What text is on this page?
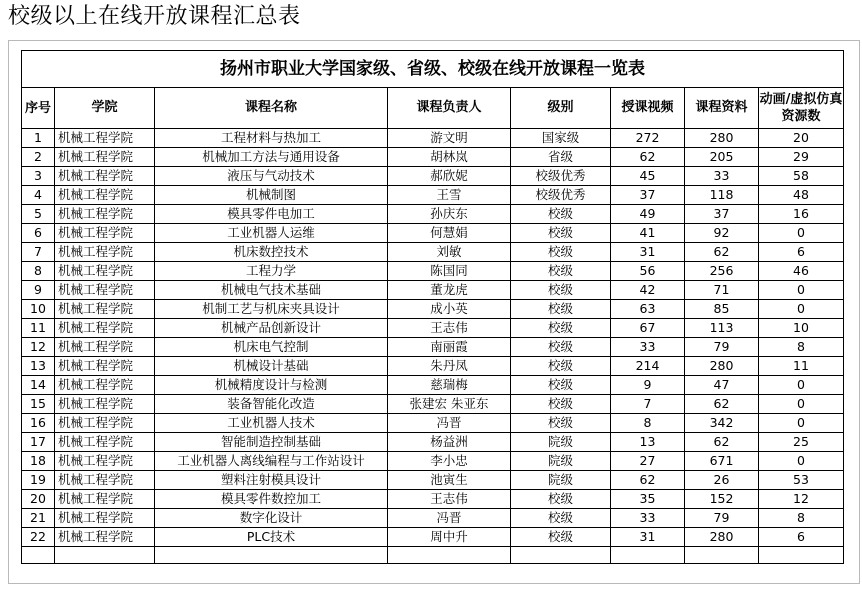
校级以上在线开放课程汇总表
扬州市职业大学国家级、省级、校级在线开放课程一览表							
序号	学院	课程名称	课程负责人	级别	授课视频	课程资料	动画/虚拟仿真资源数
1	机械工程学院	工程材料与热加工	游文明	国家级	272	280	20
2	机械工程学院	机械加工方法与通用设备	胡林岚	省级	62	205	29
3	机械工程学院	液压与气动技术	郝欣妮	校级优秀	45	33	58
4	机械工程学院	机械制图	王雪	校级优秀	37	118	48
5	机械工程学院	模具零件电加工	孙庆东	校级	49	37	16
6	机械工程学院	工业机器人运维	何慧娟	校级	41	92	0
7	机械工程学院	机床数控技术	刘敏	校级	31	62	6
8	机械工程学院	工程力学	陈国同	校级	56	256	46
9	机械工程学院	机械电气技术基础	董龙虎	校级	42	71	0
10	机械工程学院	机制工艺与机床夹具设计	成小英	校级	63	85	0
11	机械工程学院	机械产品创新设计	王志伟	校级	67	113	10
12	机械工程学院	机床电气控制	南丽霞	校级	33	79	8
13	机械工程学院	机械设计基础	朱丹凤	校级	214	280	11
14	机械工程学院	机械精度设计与检测	慈瑞梅	校级	9	47	0
15	机械工程学院	装备智能化改造	张建宏 朱亚东	校级	7	62	0
16	机械工程学院	工业机器人技术	冯晋	校级	8	342	0
17	机械工程学院	智能制造控制基础	杨益洲	院级	13	62	25
18	机械工程学院	工业机器人离线编程与工作站设计	李小忠	院级	27	671	0
19	机械工程学院	塑料注射模具设计	池寅生	院级	62	26	53
20	机械工程学院	模具零件数控加工	王志伟	校级	35	152	12
21	机械工程学院	数字化设计	冯晋	校级	33	79	8
22	机械工程学院	PLC技术	周中升	校级	31	280	6
